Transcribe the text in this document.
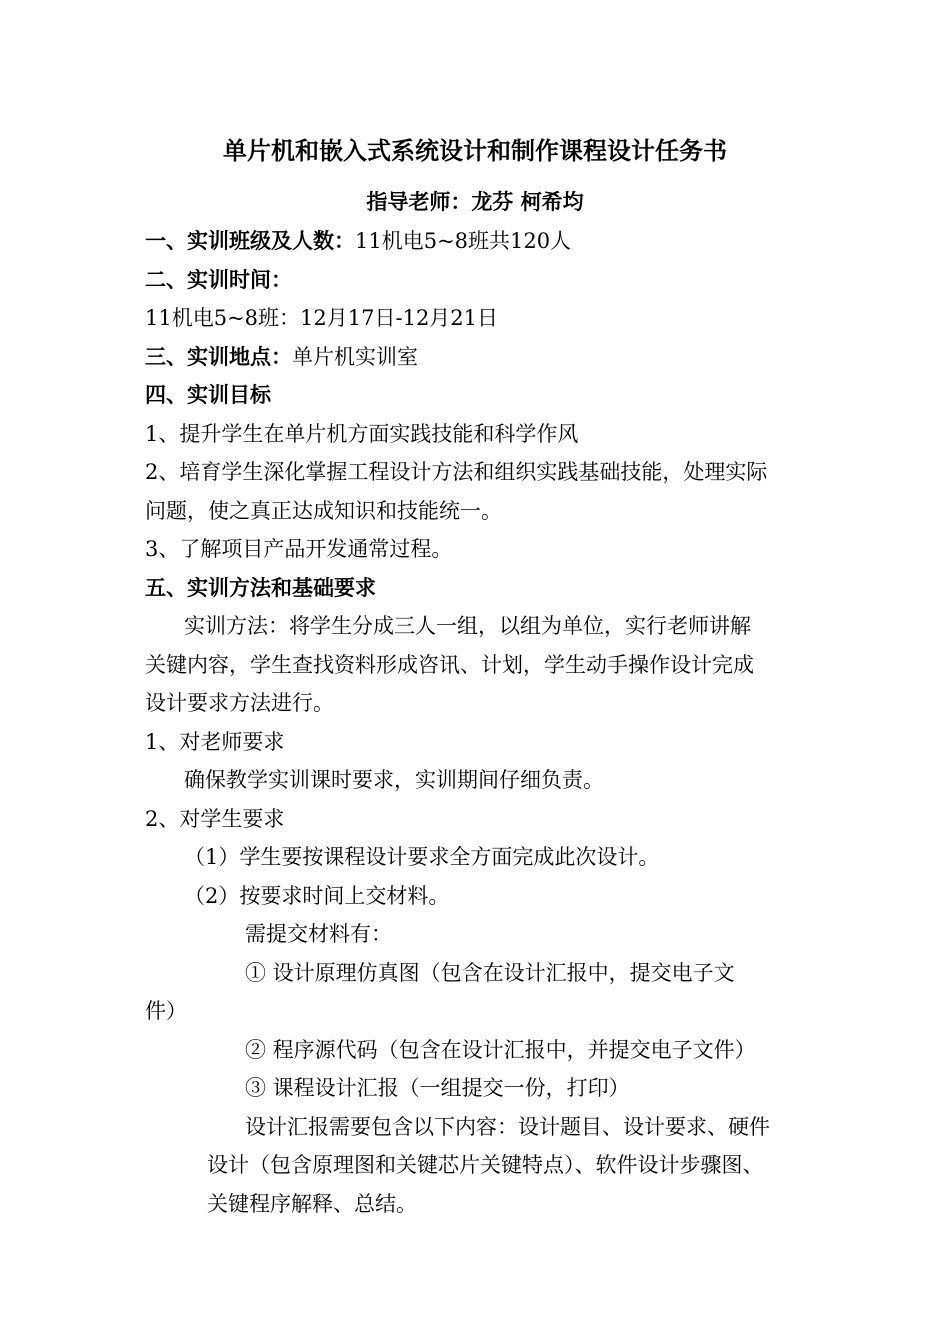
单片机和嵌入式系统设计和制作课程设计任务书
指导老师：龙芬 柯希均
一、实训班级及人数：11机电5~8班共120人
二、实训时间：
11机电5~8班：12月17日-12月21日
三、实训地点：单片机实训室
四、实训目标
1、提升学生在单片机方面实践技能和科学作风
2、培育学生深化掌握工程设计方法和组织实践基础技能，处理实际
问题，使之真正达成知识和技能统一。
3、了解项目产品开发通常过程。
五、实训方法和基础要求
实训方法：将学生分成三人一组，以组为单位，实行老师讲解
关键内容，学生查找资料形成咨讯、计划，学生动手操作设计完成
设计要求方法进行。
1、对老师要求
确保教学实训课时要求，实训期间仔细负责。
2、对学生要求
（1）学生要按课程设计要求全方面完成此次设计。
（2）按要求时间上交材料。
需提交材料有：
① 设计原理仿真图（包含在设计汇报中，提交电子文
件）
② 程序源代码（包含在设计汇报中，并提交电子文件）
③ 课程设计汇报（一组提交一份，打印）
设计汇报需要包含以下内容：设计题目、设计要求、硬件
设计（包含原理图和关键芯片关键特点）、软件设计步骤图、
关键程序解释、总结。
